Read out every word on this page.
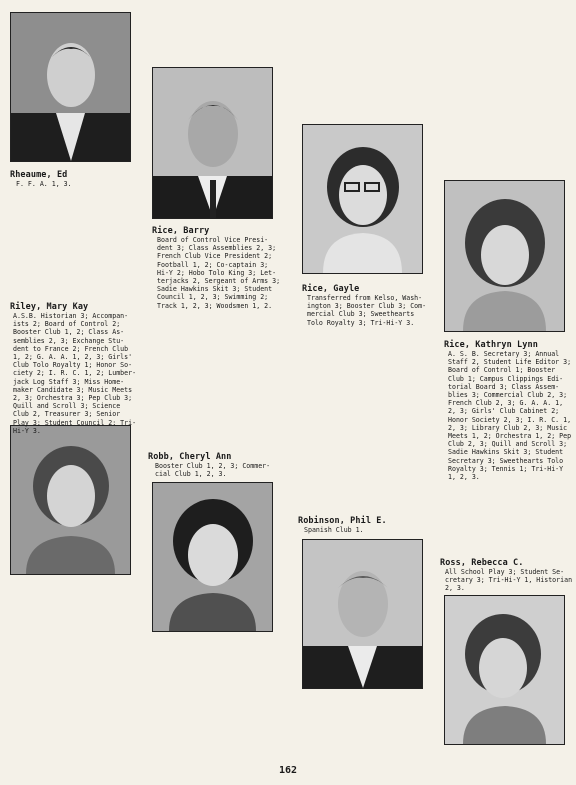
Rheaume, Ed
F. F. A. 1, 3.
Rice, Barry
Board of Control Vice Presi-
dent 3; Class Assemblies 2, 3;
French Club Vice President 2;
Football 1, 2; Co-captain 3;
Hi-Y 2; Hobo Tolo King 3; Let-
terjacks 2, Sergeant of Arms 3;
Sadie Hawkins Skit 3; Student
Council 1, 2, 3; Swimming 2;
Track 1, 2, 3; Woodsmen 1, 2.
Rice, Gayle
Transferred from Kelso, Wash-
ington 3; Booster Club 3; Com-
mercial Club 3; Sweethearts
Tolo Royalty 3; Tri-Hi-Y 3.
Riley, Mary Kay
A.S.B. Historian 3; Accompan-
ists 2; Board of Control 2;
Booster Club 1, 2; Class As-
semblies 2, 3; Exchange Stu-
dent to France 2; French Club
1, 2; G. A. A. 1, 2, 3; Girls'
Club Tolo Royalty 1; Honor So-
ciety 2; I. R. C. 1, 2; Lumber-
jack Log Staff 3; Miss Home-
maker Candidate 3; Music Meets
2, 3; Orchestra 3; Pep Club 3;
Quill and Scroll 3; Science
Club 2, Treasurer 3; Senior
Play 3; Student Council 2; Tri-
Hi-Y 3.
Rice, Kathryn Lynn
A. S. B. Secretary 3; Annual
Staff 2, Student Life Editor 3;
Board of Control 1; Booster
Club 1; Campus Clippings Edi-
torial Board 3; Class Assem-
blies 3; Commercial Club 2, 3;
French Club 2, 3; G. A. A. 1,
2, 3; Girls' Club Cabinet 2;
Honor Society 2, 3; I. R. C. 1,
2, 3; Library Club 2, 3; Music
Meets 1, 2; Orchestra 1, 2; Pep
Club 2, 3; Quill and Scroll 3;
Sadie Hawkins Skit 3; Student
Secretary 3; Sweethearts Tolo
Royalty 3; Tennis 1; Tri-Hi-Y
1, 2, 3.
Robb, Cheryl Ann
Booster Club 1, 2, 3; Commer-
cial Club 1, 2, 3.
Robinson, Phil E.
Spanish Club 1.
Ross, Rebecca C.
All School Play 3; Student Se-
cretary 3; Tri-Hi-Y 1, Historian
2, 3.
162
